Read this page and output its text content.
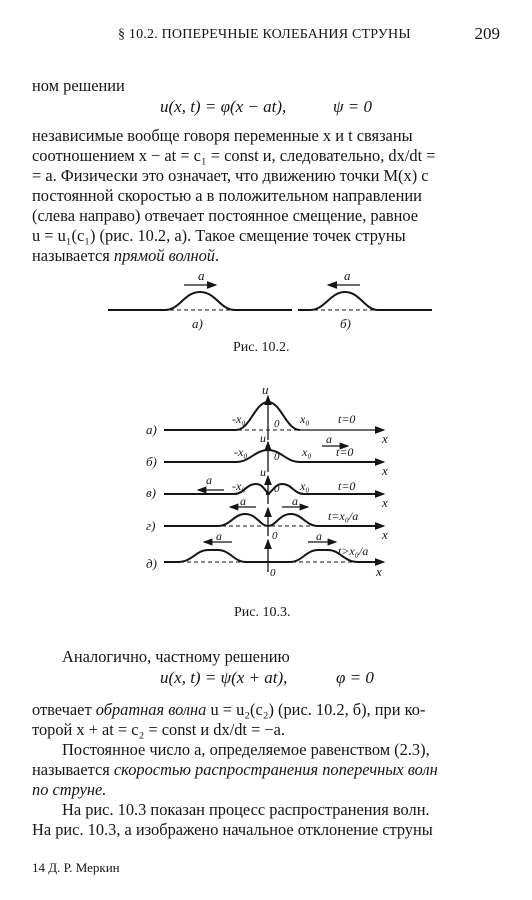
§ 10.2. ПОПЕРЕЧНЫЕ КОЛЕБАНИЯ СТРУНЫ	209
ном решении
u(x, t) = φ(x − at),	ψ = 0
независимые вообще говоря переменные x и t связаны
соотношением x − at = c₁ = const и, следовательно, dx/dt =
= a. Физически это означает, что движению точки M(x) с
постоянной скоростью a в положительном направлении
(слева направо) отвечает постоянное смещение, равное
u = u₁(c₁) (рис. 10.2, a). Такое смещение точек струны
называется прямой волной.
a
a)
a
б)
Рис. 10.2.
a)
u
-x₀	x₀ t=0
0
x
б)
u
-x₀	x₀ t=0
a
0
x
в)
u
-x₀	x₀ t=0
0
a
x
г)
a	a
t=x₀/a
0	x
д)
a	a
t>x₀/a
0	x
Рис. 10.3.
Аналогично, частному решению
u(x, t) = ψ(x + at),	φ = 0
отвечает обратная волна u = u₂(c₂) (рис. 10.2, б), при ко-
торой x + at = c₂ = const и dx/dt = −a.
Постоянное число a, определяемое равенством (2.3),
называется скоростью распространения поперечных волн
по струне.
На рис. 10.3 показан процесс распространения волн.
На рис. 10.3, a изображено начальное отклонение струны
14 Д. Р. Меркин
